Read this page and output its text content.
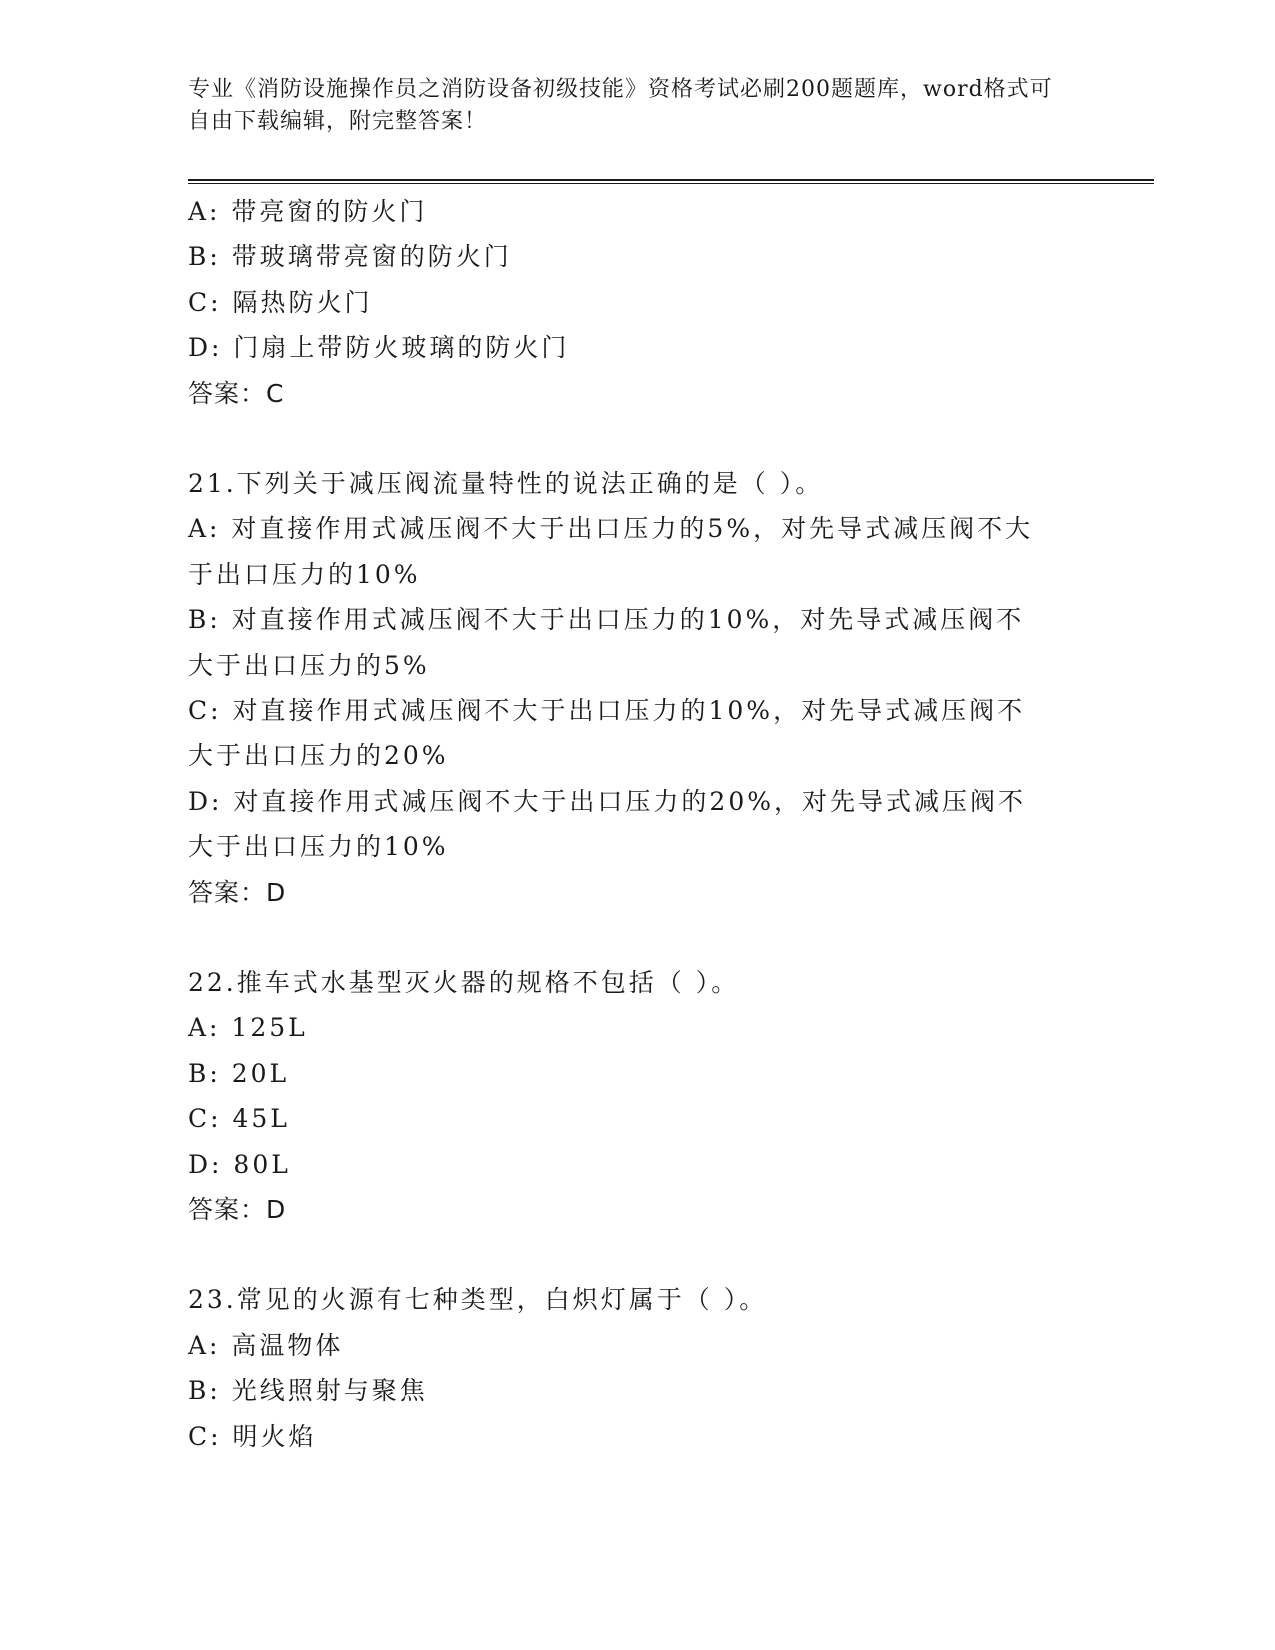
专业《消防设施操作员之消防设备初级技能》资格考试必刷200题题库，word格式可自由下载编辑，附完整答案！
A: 带亮窗的防火门
B: 带玻璃带亮窗的防火门
C: 隔热防火门
D: 门扇上带防火玻璃的防火门
答案：C
21.下列关于减压阀流量特性的说法正确的是（ ）。
A: 对直接作用式减压阀不大于出口压力的5%，对先导式减压阀不大于出口压力的10%
B: 对直接作用式减压阀不大于出口压力的10%，对先导式减压阀不大于出口压力的5%
C: 对直接作用式减压阀不大于出口压力的10%，对先导式减压阀不大于出口压力的20%
D: 对直接作用式减压阀不大于出口压力的20%，对先导式减压阀不大于出口压力的10%
答案：D
22.推车式水基型灭火器的规格不包括（ ）。
A: 125L
B: 20L
C: 45L
D: 80L
答案：D
23.常见的火源有七种类型，白炽灯属于（ ）。
A: 高温物体
B: 光线照射与聚焦
C: 明火焰
